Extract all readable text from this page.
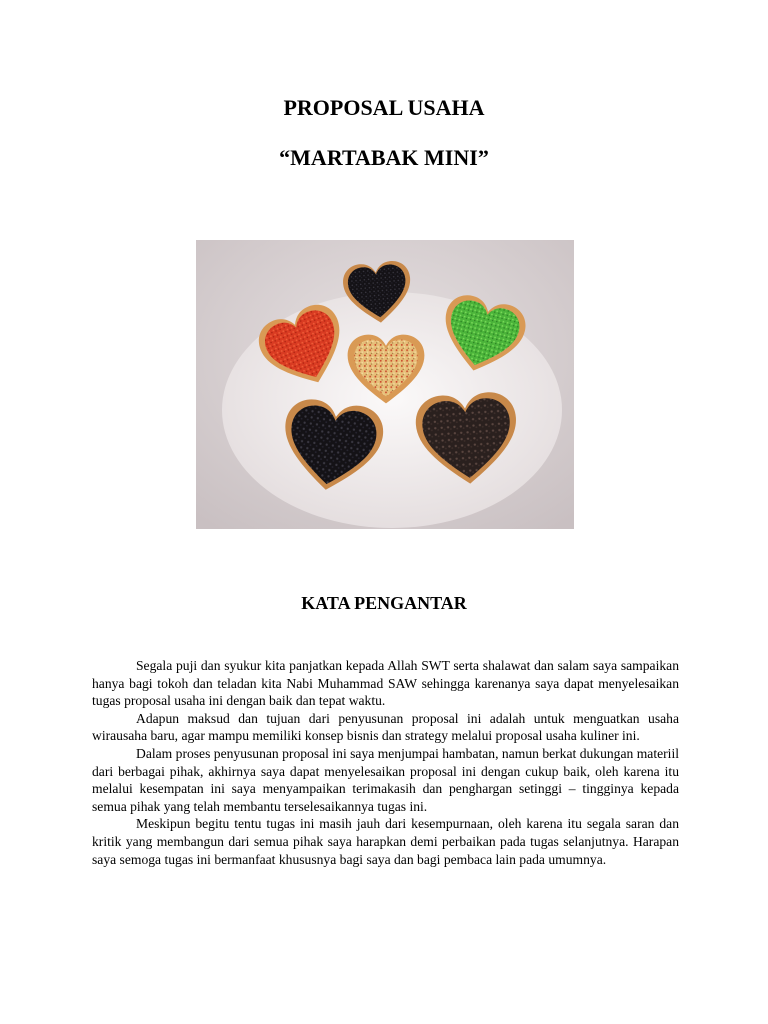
PROPOSAL USAHA
“MARTABAK MINI”
KATA PENGANTAR

Segala puji dan syukur kita panjatkan kepada Allah SWT serta shalawat dan salam saya sampaikan hanya bagi tokoh dan teladan kita Nabi Muhammad SAW sehingga karenanya saya dapat menyelesaikan tugas proposal usaha ini dengan baik dan tepat waktu.

Adapun maksud dan tujuan dari penyusunan proposal ini adalah untuk menguatkan usaha wirausaha baru, agar mampu memiliki konsep bisnis dan strategy melalui proposal usaha kuliner ini.

Dalam proses penyusunan proposal ini saya menjumpai hambatan, namun berkat dukungan materiil dari berbagai pihak, akhirnya saya dapat menyelesaikan proposal ini dengan cukup baik, oleh karena itu melalui kesempatan ini saya menyampaikan terimakasih dan penghargan setinggi – tingginya kepada semua pihak yang telah membantu terselesaikannya tugas ini.

Meskipun begitu tentu tugas ini masih jauh dari kesempurnaan, oleh karena itu segala saran dan kritik yang membangun dari semua pihak saya harapkan demi perbaikan pada tugas selanjutnya. Harapan saya semoga tugas ini bermanfaat khususnya bagi saya dan bagi pembaca lain pada umumnya.
